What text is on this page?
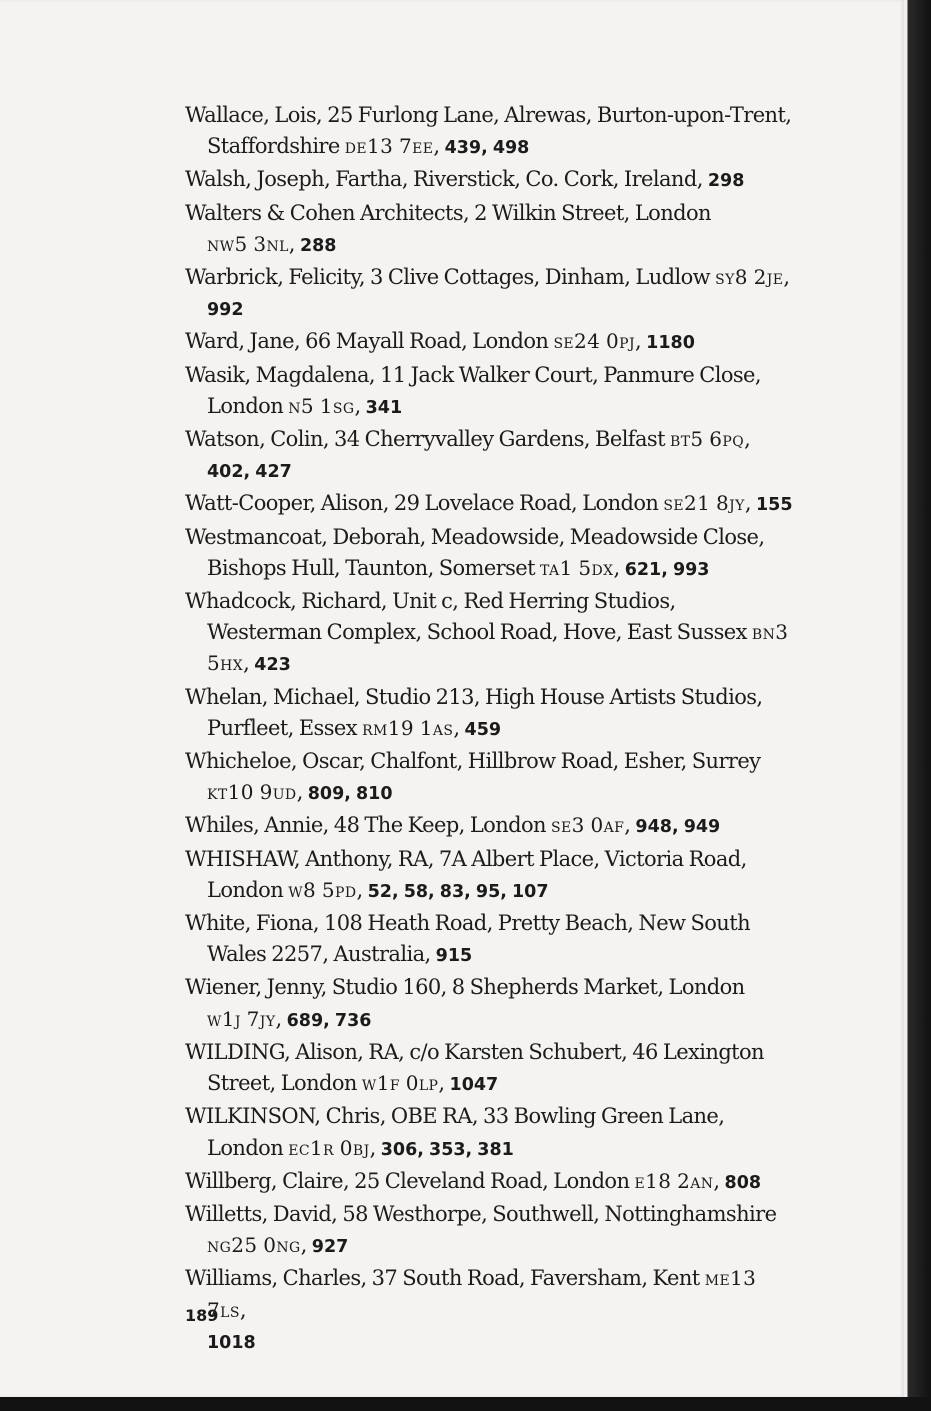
Wallace, Lois, 25 Furlong Lane, Alrewas, Burton-upon-Trent, Staffordshire de13 7ee, 439, 498

Walsh, Joseph, Fartha, Riverstick, Co. Cork, Ireland, 298

Walters & Cohen Architects, 2 Wilkin Street, London
nw5 3nl, 288

Warbrick, Felicity, 3 Clive Cottages, Dinham, Ludlow sy8 2je,
992

Ward, Jane, 66 Mayall Road, London se24 0pj, 1180

Wasik, Magdalena, 11 Jack Walker Court, Panmure Close, London n5 1sg, 341

Watson, Colin, 34 Cherryvalley Gardens, Belfast bt5 6pq,
402, 427

Watt-Cooper, Alison, 29 Lovelace Road, London se21 8jy, 155

Westmancoat, Deborah, Meadowside, Meadowside Close, Bishops Hull, Taunton, Somerset ta1 5dx, 621, 993

Whadcock, Richard, Unit c, Red Herring Studios, Westerman Complex, School Road, Hove, East Sussex bn3 5hx, 423

Whelan, Michael, Studio 213, High House Artists Studios, Purfleet, Essex rm19 1as, 459

Whicheloe, Oscar, Chalfont, Hillbrow Road, Esher, Surrey
kt10 9ud, 809, 810

Whiles, Annie, 48 The Keep, London se3 0af, 948, 949

WHISHAW, Anthony, RA, 7A Albert Place, Victoria Road, London w8 5pd, 52, 58, 83, 95, 107

White, Fiona, 108 Heath Road, Pretty Beach, New South Wales 2257, Australia, 915

Wiener, Jenny, Studio 160, 8 Shepherds Market, London
w1j 7jy, 689, 736

WILDING, Alison, RA, c/o Karsten Schubert, 46 Lexington Street, London w1f 0lp, 1047

WILKINSON, Chris, OBE RA, 33 Bowling Green Lane, London ec1r 0bj, 306, 353, 381

Willberg, Claire, 25 Cleveland Road, London e18 2an, 808

Willetts, David, 58 Westhorpe, Southwell, Nottinghamshire
ng25 0ng, 927

Williams, Charles, 37 South Road, Faversham, Kent me13 7ls,
1018

189
